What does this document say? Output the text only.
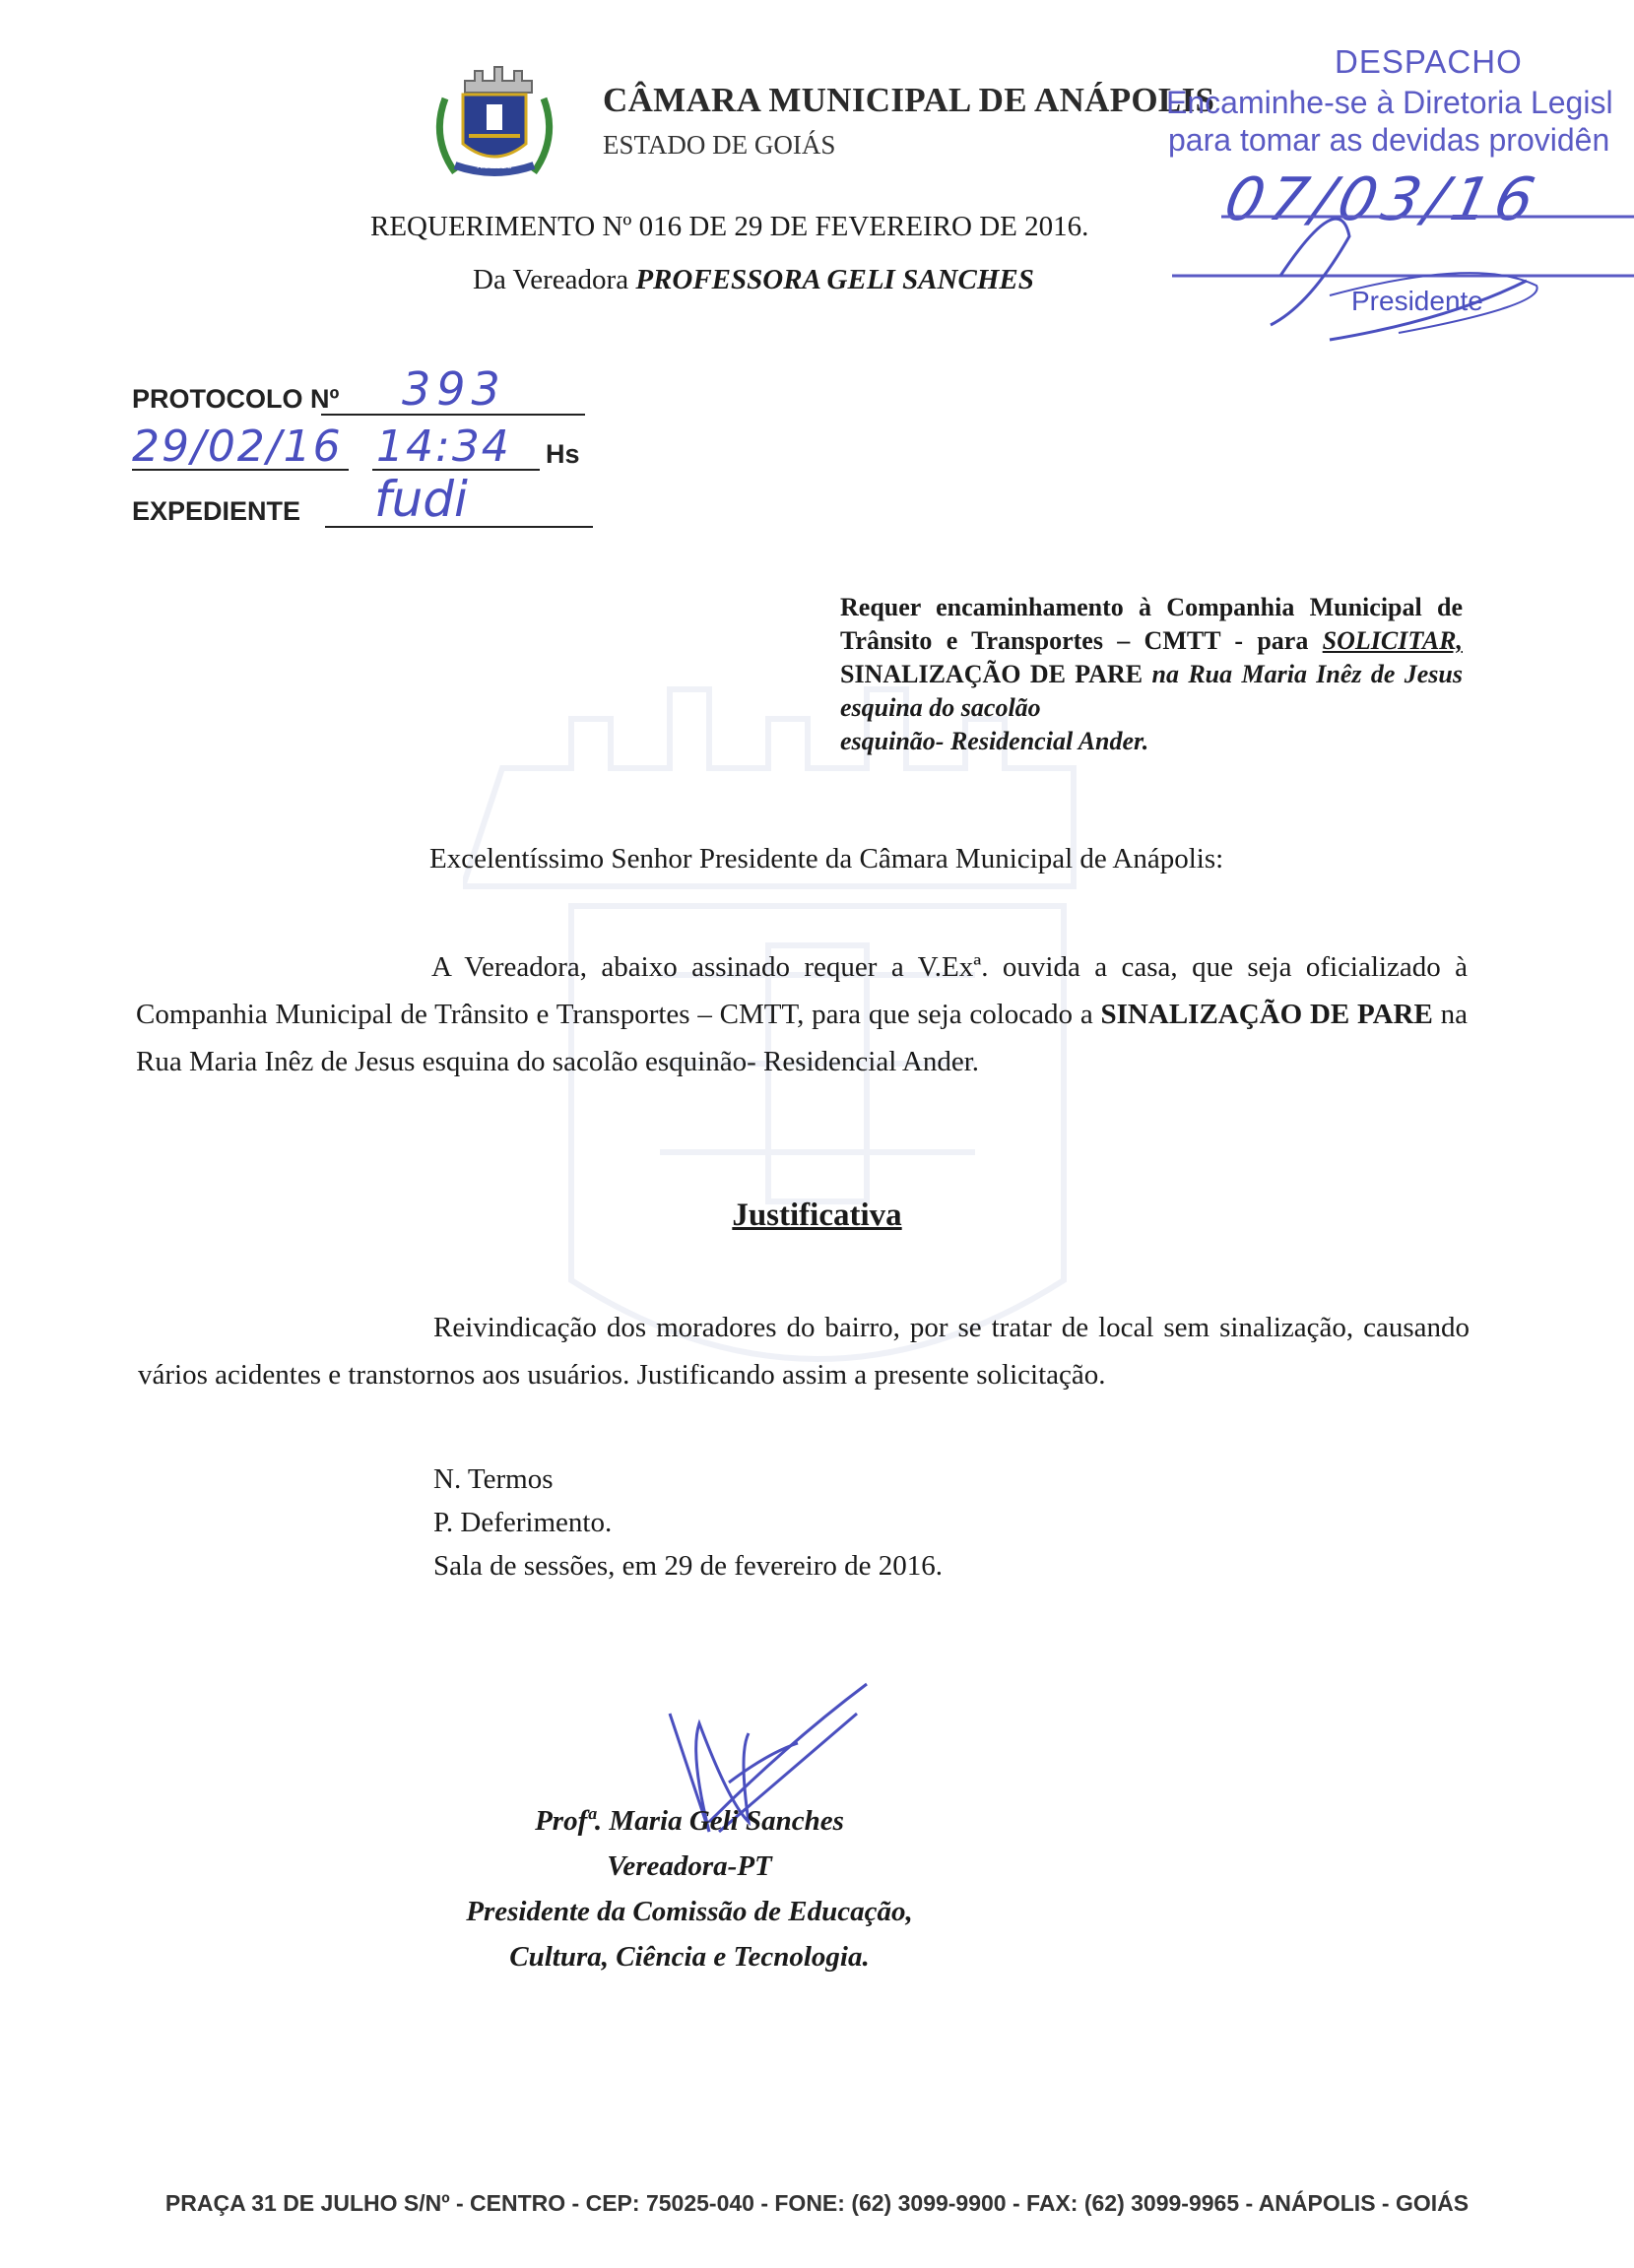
ANÁPOLIS
CÂMARA MUNICIPAL DE ANÁPOLIS
ESTADO DE GOIÁS
DESPACHO
Encaminhe-se à Diretoria Legisl
para tomar as devidas providên
07/03/16
Presidente
REQUERIMENTO Nº 016 DE 29 DE FEVEREIRO DE 2016.
Da Vereadora PROFESSORA GELI SANCHES
PROTOCOLO Nº 393
29/02/16 14:34 Hs
EXPEDIENTE fudi
Requer encaminhamento à Companhia Municipal de Trânsito e Transportes – CMTT - para SOLICITAR, SINALIZAÇÃO DE PARE na Rua Maria Inêz de Jesus esquina do sacolão
esquinão- Residencial Ander.
Excelentíssimo Senhor Presidente da Câmara Municipal de Anápolis:
A Vereadora, abaixo assinado requer a V.Exª. ouvida a casa, que seja oficializado à Companhia Municipal de Trânsito e Transportes – CMTT, para que seja colocado a SINALIZAÇÃO DE PARE na Rua Maria Inêz de Jesus esquina do sacolão esquinão- Residencial Ander.
Justificativa
Reivindicação dos moradores do bairro, por se tratar de local sem sinalização, causando vários acidentes e transtornos aos usuários. Justificando assim a presente solicitação.
N. Termos
P. Deferimento.
Sala de sessões, em 29 de fevereiro de 2016.
Profª. Maria Geli Sanches
Vereadora-PT
Presidente da Comissão de Educação,
Cultura, Ciência e Tecnologia.
PRAÇA 31 DE JULHO S/Nº - CENTRO - CEP: 75025-040 - FONE: (62) 3099-9900 - FAX: (62) 3099-9965 - ANÁPOLIS - GOIÁS
